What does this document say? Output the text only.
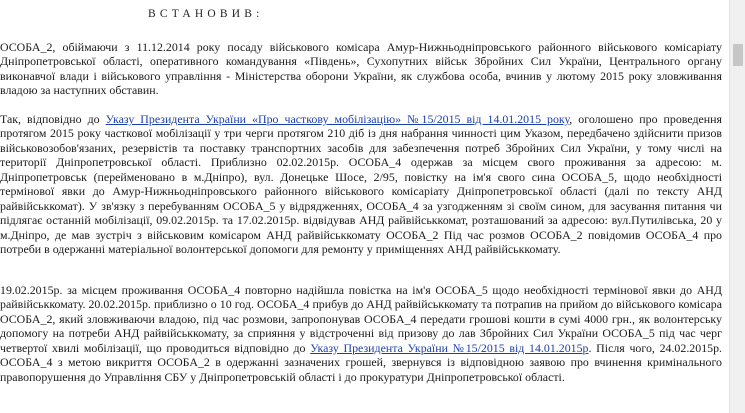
ВСТАНОВИВ:

ОСОБА_2, обіймаючи з 11.12.2014 року посаду військового комісара Амур-Нижньодніпровського районного військового комісаріату Дніпропетровської області, оперативного командування «Південь», Сухопутних військ Збройних Сил України, Центрального органу виконавчої влади і військового управління - Міністерства оборони України, як службова особа, вчинив у лютому 2015 року зловживання владою за наступних обставин.

Так, відповідно до Указу Президента України «Про часткову мобілізацію» №15/2015 від 14.01.2015 року, оголошено про проведення протягом 2015 року часткової мобілізації у три черги протягом 210 діб із дня набрання чинності цим Указом, передбачено здійснити призов військовозобов'язаних, резервістів та поставку транспортних засобів для забезпечення потреб Збройних Сил України, у тому числі на території Дніпропетровської області. Приблизно 02.02.2015р. ОСОБА_4 одержав за місцем свого проживання за адресою: м. Дніпропетровськ (перейменовано в м.Дніпро), вул. Донецьке Шосе, 2/95, повістку на ім'я свого сина ОСОБА_5, щодо необхідності термінової явки до Амур-Нижньодніпровського районного військового комісаріату Дніпропетровської області (далі по тексту АНД райвійськкомат). У зв'язку з перебуванням ОСОБА_5 у відрядженнях, ОСОБА_4 за узгодженням зі своїм сином, для засування питання чи підлягає останній мобілізації, 09.02.2015р. та 17.02.2015р. відвідував АНД райвійськкомат, розташований за адресою: вул.Путилівська, 20 у м.Дніпро, де мав зустріч з військовим комісаром АНД райвійськкомату ОСОБА_2 Під час розмов ОСОБА_2 повідомив ОСОБА_4 про потреби в одержанні матеріальної волонтерської допомоги для ремонту у приміщеннях АНД райвійськкомату.

19.02.2015р. за місцем проживання ОСОБА_4 повторно надійшла повістка на ім'я ОСОБА_5 щодо необхідності термінової явки до АНД райвійськкомату. 20.02.2015р. приблизно о 10 год. ОСОБА_4 прибув до АНД райвійськкомату та потрапив на прийом до військового комісара ОСОБА_2, який зловживаючи владою, під час розмови, запропонував ОСОБА_4 передати грошові кошти в сумі 4000 грн., як волонтерську допомогу на потреби АНД райвійськкомату, за сприяння у відстроченні від призову до лав Збройних Сил України ОСОБА_5 під час черг четвертої хвилі мобілізації, що проводиться відповідно до Указу Президента України №15/2015 від 14.01.2015р. Після чого, 24.02.2015р. ОСОБА_4 з метою викриття ОСОБА_2 в одержанні зазначених грошей, звернувся із відповідною заявою про вчинення кримінального правопорушення до Управління СБУ у Дніпропетровській області і до прокуратури Дніпропетровської області.
